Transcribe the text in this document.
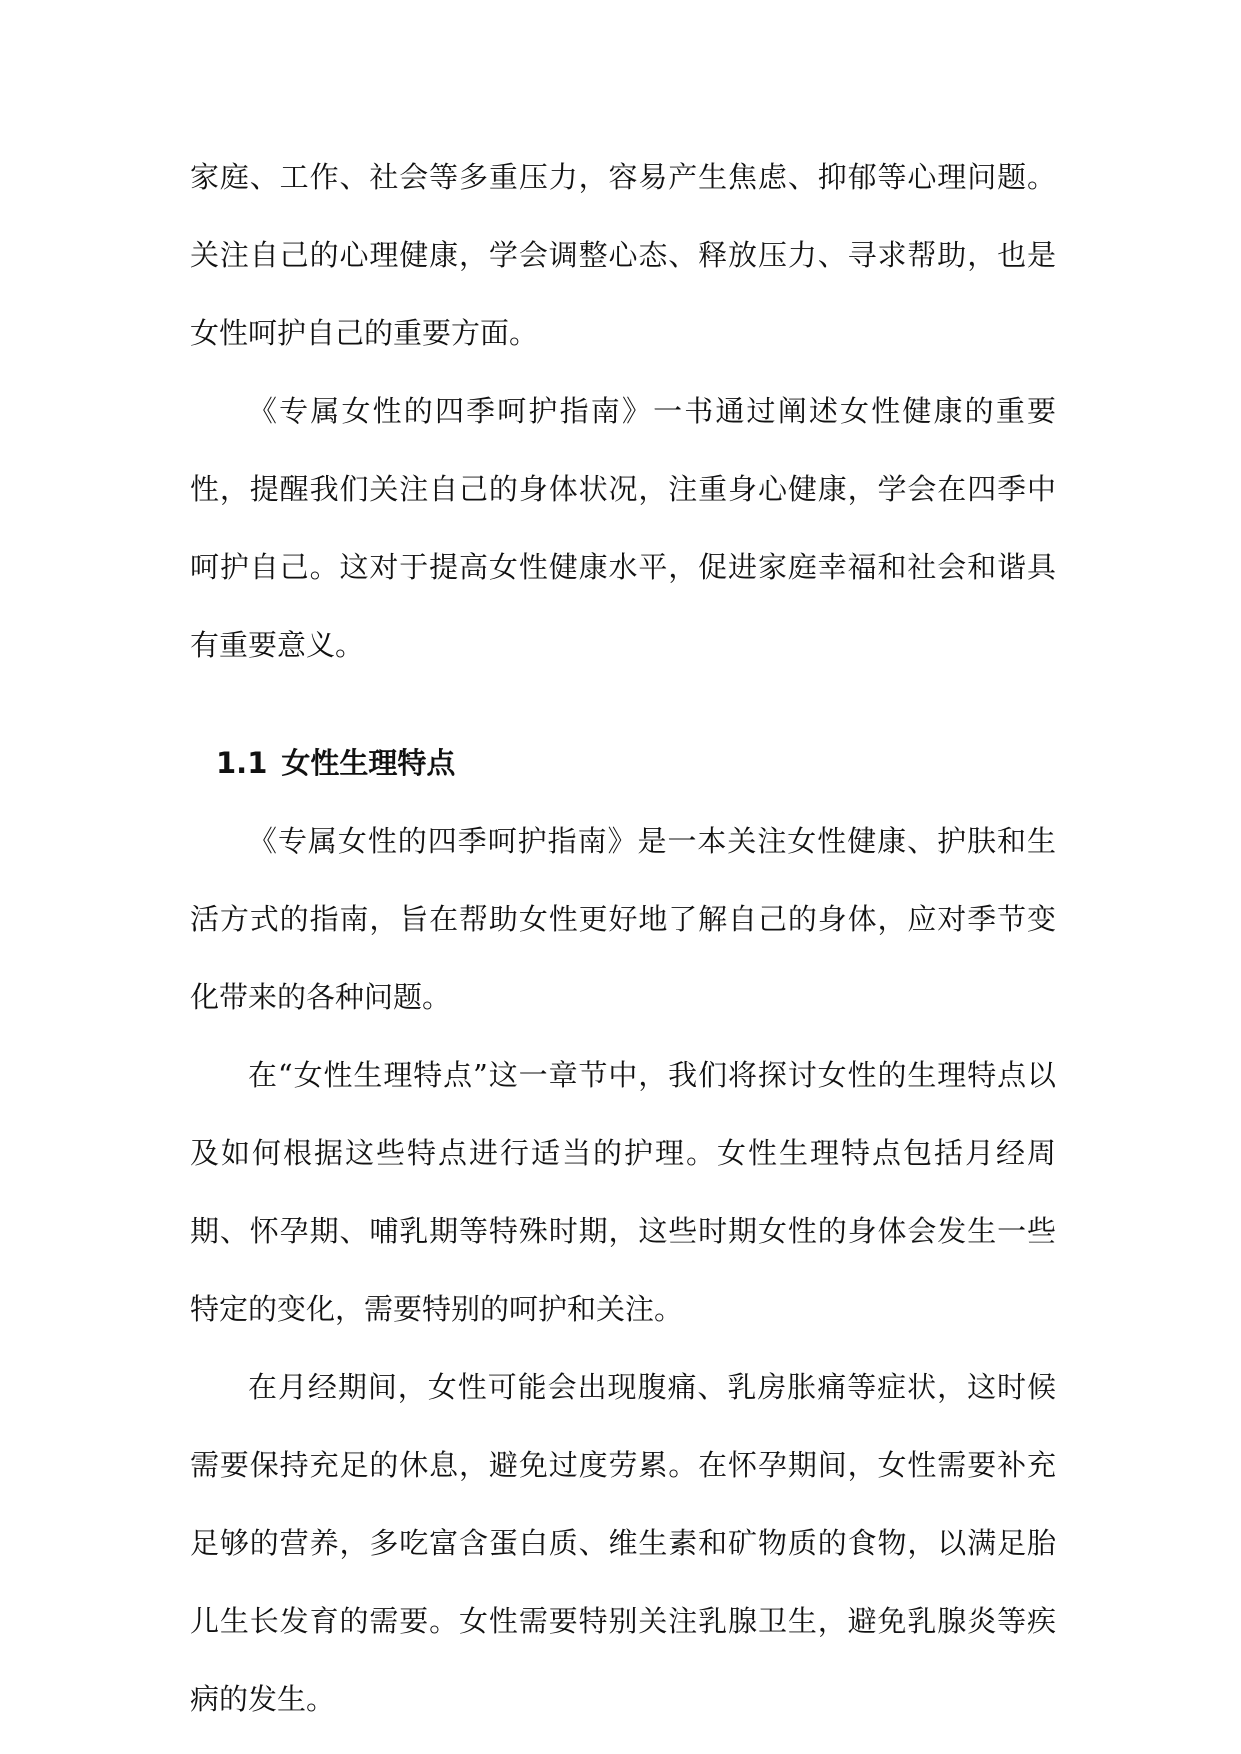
家庭、工作、社会等多重压力，容易产生焦虑、抑郁等心理问题。关注自己的心理健康，学会调整心态、释放压力、寻求帮助，也是女性呵护自己的重要方面。

《专属女性的四季呵护指南》一书通过阐述女性健康的重要性，提醒我们关注自己的身体状况，注重身心健康，学会在四季中呵护自己。这对于提高女性健康水平，促进家庭幸福和社会和谐具有重要意义。

1.1 女性生理特点

《专属女性的四季呵护指南》是一本关注女性健康、护肤和生活方式的指南，旨在帮助女性更好地了解自己的身体，应对季节变化带来的各种问题。

在“女性生理特点”这一章节中，我们将探讨女性的生理特点以及如何根据这些特点进行适当的护理。女性生理特点包括月经周期、怀孕期、哺乳期等特殊时期，这些时期女性的身体会发生一些特定的变化，需要特别的呵护和关注。

在月经期间，女性可能会出现腹痛、乳房胀痛等症状，这时候需要保持充足的休息，避免过度劳累。在怀孕期间，女性需要补充足够的营养，多吃富含蛋白质、维生素和矿物质的食物，以满足胎儿生长发育的需要。女性需要特别关注乳腺卫生，避免乳腺炎等疾病的发生。
